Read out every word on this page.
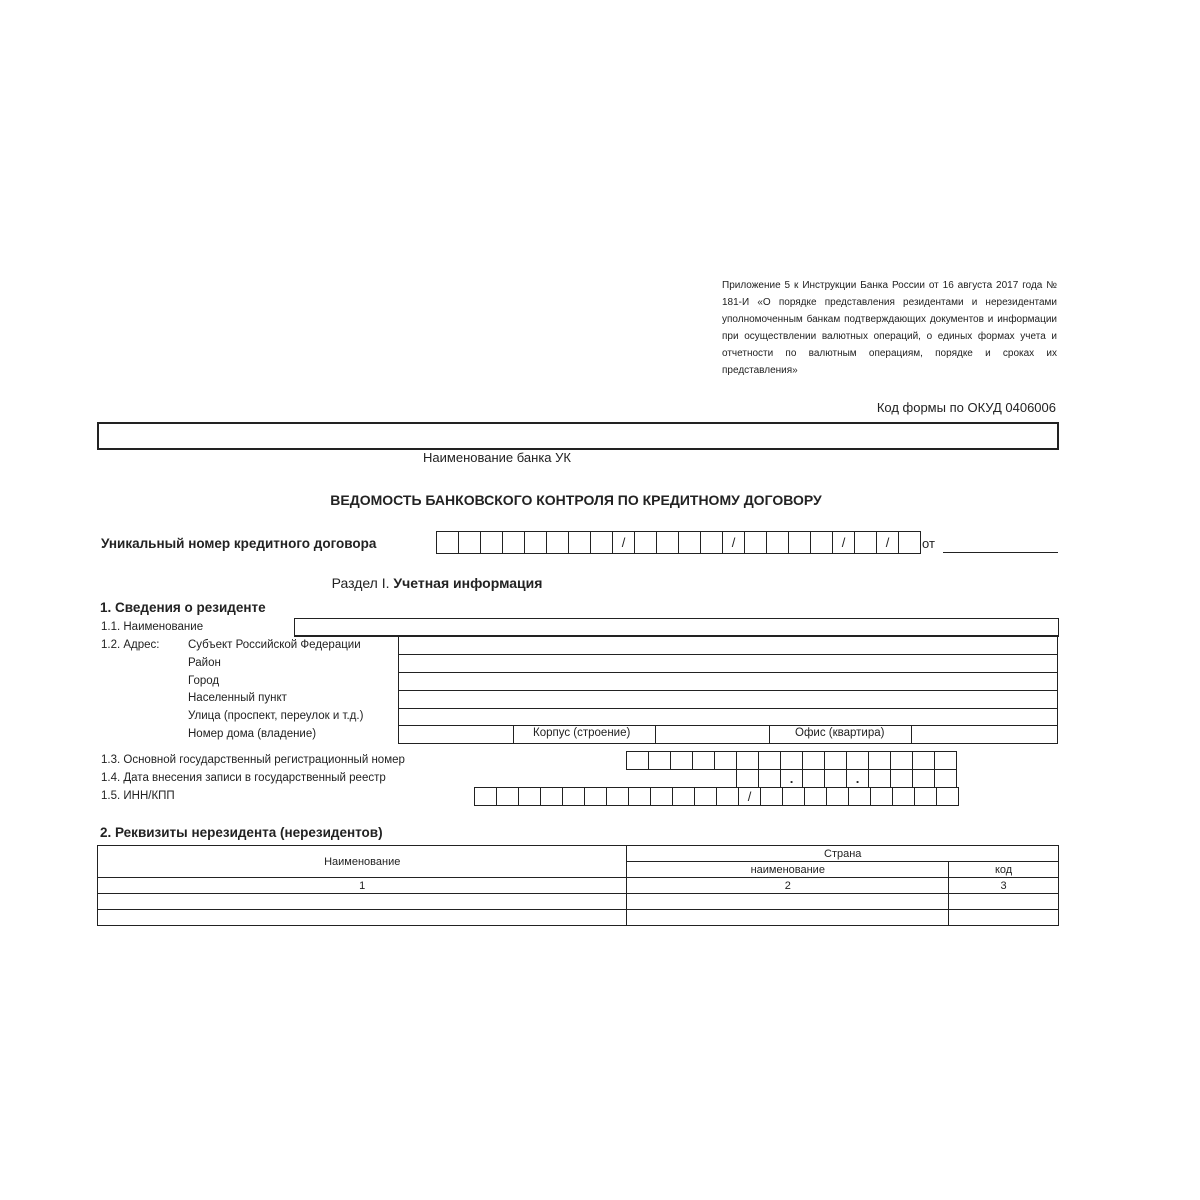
Приложение 5 к Инструкции Банка России от 16 августа 2017 года № 181-И «О порядке представления резидентами и нерезидентами уполномоченным банкам подтверждающих документов и информации при осуществлении валютных операций, о единых формах учета и отчетности по валютным операциям, порядке и сроках их представления»
Код формы по ОКУД 0406006
Наименование банка УК
ВЕДОМОСТЬ БАНКОВСКОГО КОНТРОЛЯ ПО КРЕДИТНОМУ ДОГОВОРУ
Уникальный номер кредитного договора	/	/	/	/	от
Раздел I. Учетная информация
1. Сведения о резиденте
1.1. Наименование
1.2. Адрес: Субъект Российской Федерации
Район
Город
Населенный пункт
Улица (проспект, переулок и т.д.)
Номер дома (владение)	Корпус (строение)	Офис (квартира)
1.3. Основной государственный регистрационный номер
1.4. Дата внесения записи в государственный реестр
1.5. ИНН/КПП
.	.
/
2. Реквизиты нерезидента (нерезидентов)
Наименование	Страна	
	наименование	код
1	2	3
